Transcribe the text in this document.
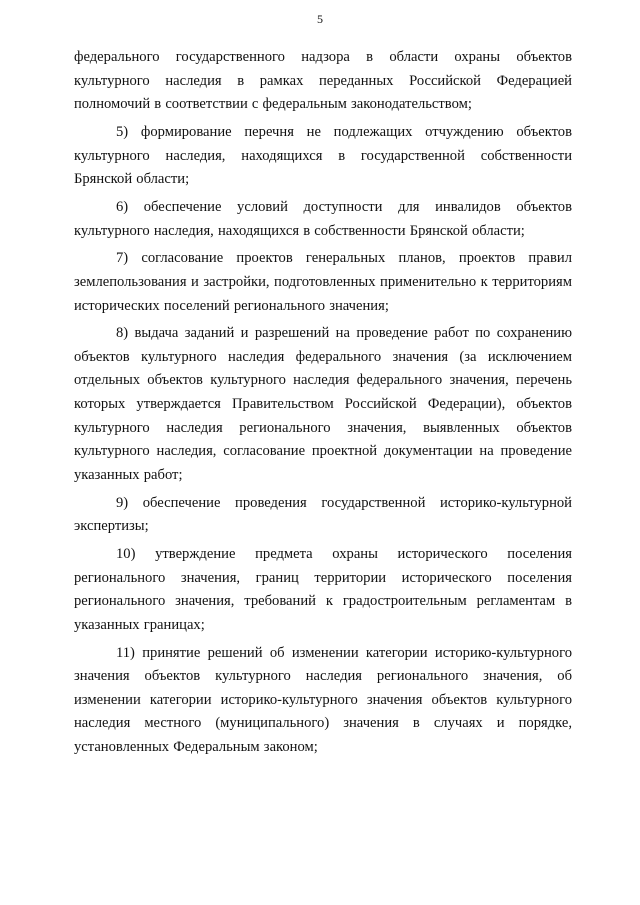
5

федерального государственного надзора в области охраны объектов культурного наследия в рамках переданных Российской Федерацией полномочий в соответствии с федеральным законодательством;

5) формирование перечня не подлежащих отчуждению объектов культурного наследия, находящихся в государственной собственности Брянской области;

6) обеспечение условий доступности для инвалидов объектов культурного наследия, находящихся в собственности Брянской области;

7) согласование проектов генеральных планов, проектов правил землепользования и застройки, подготовленных применительно к территориям исторических поселений регионального значения;

8) выдача заданий и разрешений на проведение работ по сохранению объектов культурного наследия федерального значения (за исключением отдельных объектов культурного наследия федерального значения, перечень которых утверждается Правительством Российской Федерации), объектов культурного наследия регионального значения, выявленных объектов культурного наследия, согласование проектной документации на проведение указанных работ;

9) обеспечение проведения государственной историко-культурной экспертизы;

10) утверждение предмета охраны исторического поселения регионального значения, границ территории исторического поселения регионального значения, требований к градостроительным регламентам в указанных границах;

11) принятие решений об изменении категории историко-культурного значения объектов культурного наследия регионального значения, об изменении категории историко-культурного значения объектов культурного наследия местного (муниципального) значения в случаях и порядке, установленных Федеральным законом;
